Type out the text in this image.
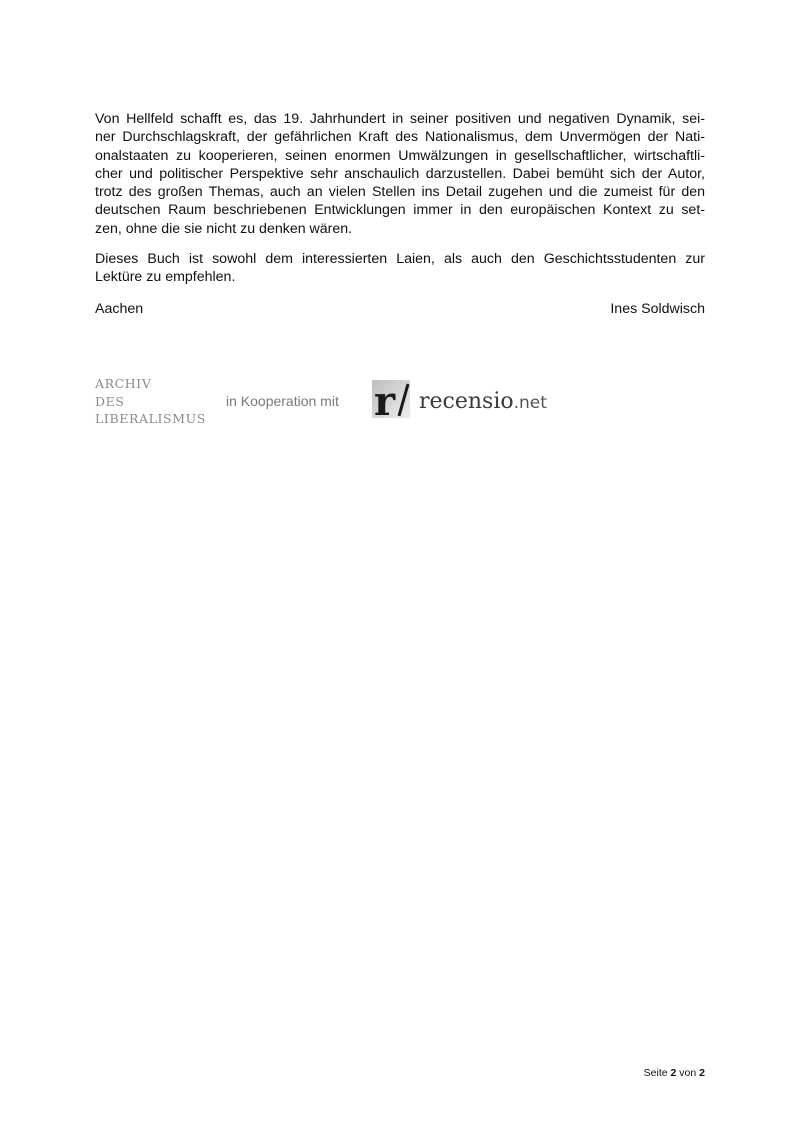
Von Hellfeld schafft es, das 19. Jahrhundert in seiner positiven und negativen Dynamik, sei-
ner Durchschlagskraft, der gefährlichen Kraft des Nationalismus, dem Unvermögen der Nati-
onalstaaten zu kooperieren, seinen enormen Umwälzungen in gesellschaftlicher, wirtschaftli-
cher und politischer Perspektive sehr anschaulich darzustellen. Dabei bemüht sich der Autor,
trotz des großen Themas, auch an vielen Stellen ins Detail zugehen und die zumeist für den
deutschen Raum beschriebenen Entwicklungen immer in den europäischen Kontext zu set-
zen, ohne die sie nicht zu denken wären.
Dieses Buch ist sowohl dem interessierten Laien, als auch den Geschichtsstudenten zur
Lektüre zu empfehlen.
Aachen	Ines Soldwisch
ARCHIV
DES
LIBERALISMUS
in Kooperation mit r recensio.net
Seite 2 von 2
